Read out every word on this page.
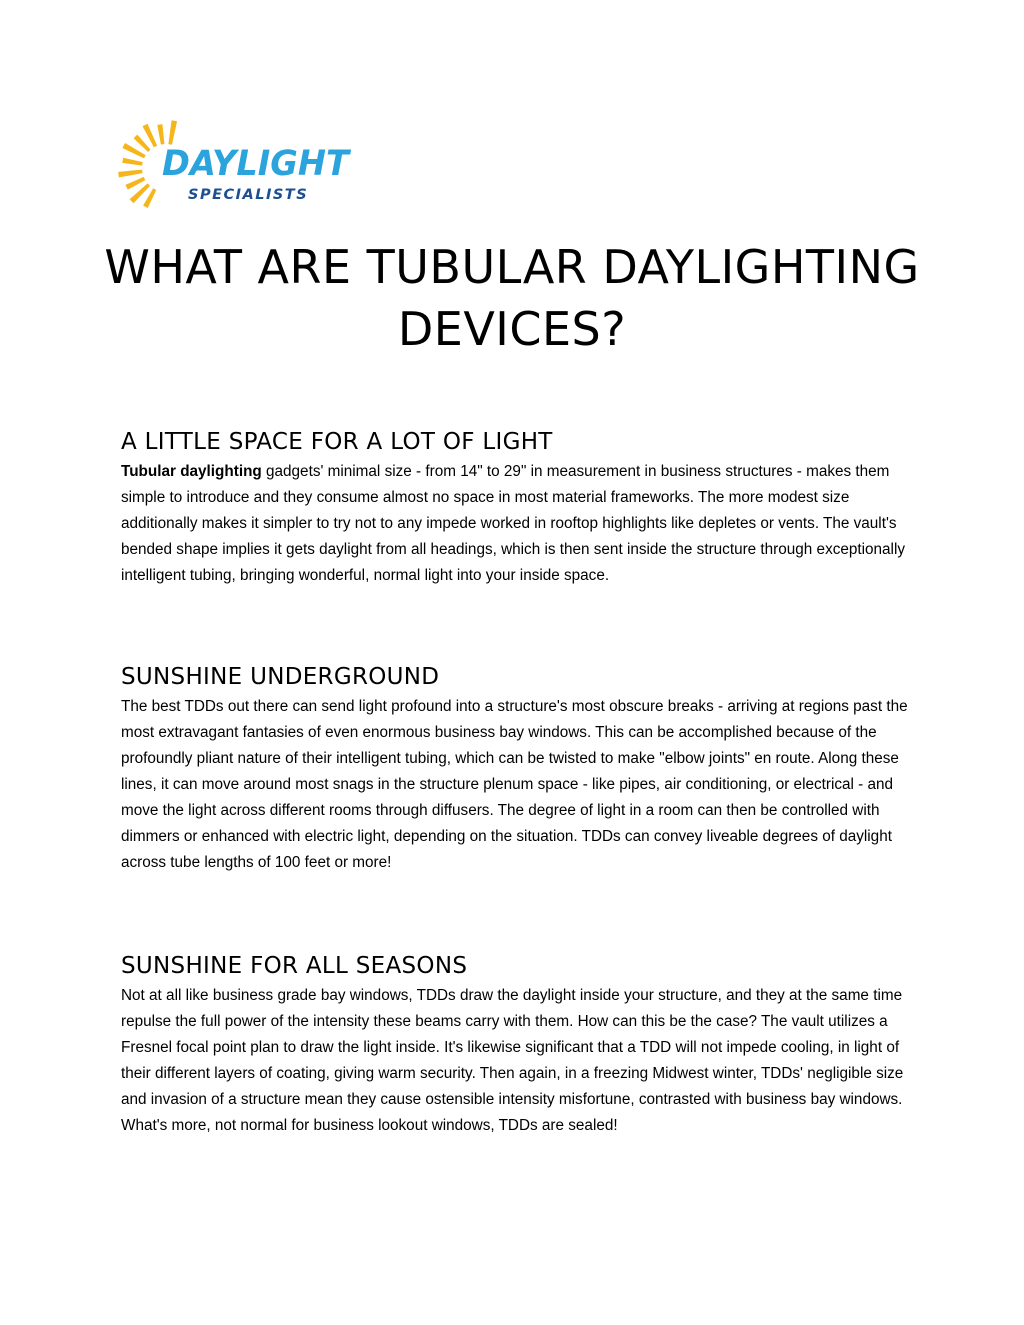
DAYLIGHT
SPECIALISTS
WHAT ARE TUBULAR DAYLIGHTING DEVICES?
A LITTLE SPACE FOR A LOT OF LIGHT

Tubular daylighting gadgets' minimal size - from 14" to 29" in measurement in business structures - makes them simple to introduce and they consume almost no space in most material frameworks. The more modest size additionally makes it simpler to try not to any impede worked in rooftop highlights like depletes or vents. The vault's bended shape implies it gets daylight from all headings, which is then sent inside the structure through exceptionally intelligent tubing, bringing wonderful, normal light into your inside space.

SUNSHINE UNDERGROUND

The best TDDs out there can send light profound into a structure's most obscure breaks - arriving at regions past the most extravagant fantasies of even enormous business bay windows. This can be accomplished because of the profoundly pliant nature of their intelligent tubing, which can be twisted to make "elbow joints" en route. Along these lines, it can move around most snags in the structure plenum space - like pipes, air conditioning, or electrical - and move the light across different rooms through diffusers. The degree of light in a room can then be controlled with dimmers or enhanced with electric light, depending on the situation. TDDs can convey liveable degrees of daylight across tube lengths of 100 feet or more!

SUNSHINE FOR ALL SEASONS

Not at all like business grade bay windows, TDDs draw the daylight inside your structure, and they at the same time repulse the full power of the intensity these beams carry with them. How can this be the case? The vault utilizes a Fresnel focal point plan to draw the light inside. It's likewise significant that a TDD will not impede cooling, in light of their different layers of coating, giving warm security. Then again, in a freezing Midwest winter, TDDs' negligible size and invasion of a structure mean they cause ostensible intensity misfortune, contrasted with business bay windows. What's more, not normal for business lookout windows, TDDs are sealed!
